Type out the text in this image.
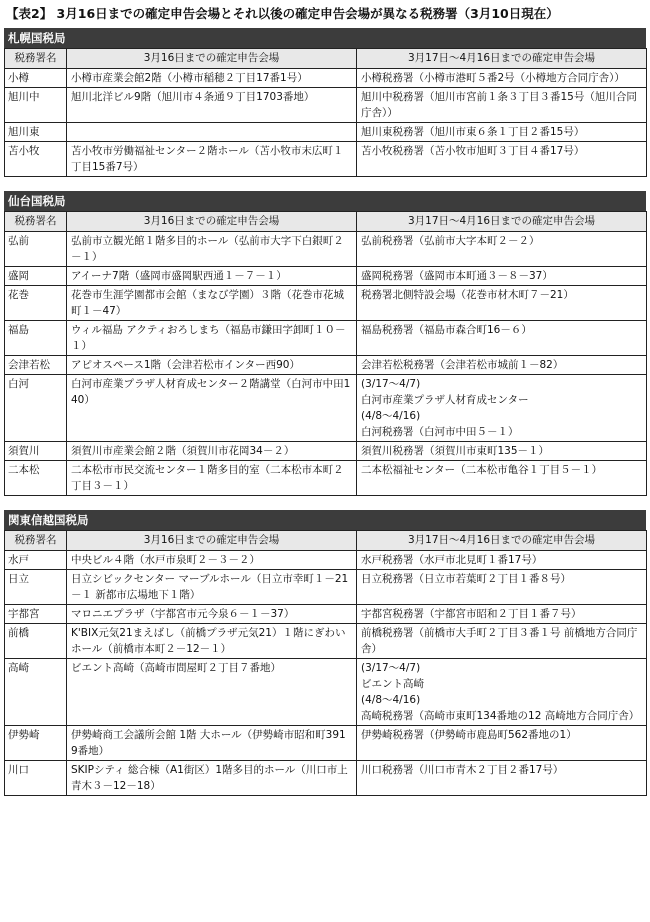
【表2】 3月16日までの確定申告会場とそれ以後の確定申告会場が異なる税務署（3月10日現在）
札幌国税局
税務署名	3月16日までの確定申告会場	3月17日～4月16日までの確定申告会場
小樽	小樽市産業会館2階（小樽市稲穂２丁目17番1号）	小樽税務署（小樽市港町５番2号（小樽地方合同庁舎））

旭川中	旭川北洋ビル9階（旭川市４条通９丁目1703番地）	旭川中税務署（旭川市宮前１条３丁目３番15号（旭川合同庁舎））

旭川東		旭川東税務署（旭川市東６条１丁目２番15号）

苫小牧	苫小牧市労働福祉センター２階ホール（苫小牧市末広町１丁目15番7号）	苫小牧税務署（苫小牧市旭町３丁目４番17号）
仙台国税局
税務署名	3月16日までの確定申告会場	3月17日～4月16日までの確定申告会場
弘前	弘前市立観光館１階多目的ホール（弘前市大字下白銀町２－１）	弘前税務署（弘前市大字本町２－２）

盛岡	アイーナ7階（盛岡市盛岡駅西通１－７－１）	盛岡税務署（盛岡市本町通３－８－37）

花巻	花巻市生涯学園都市会館（まなび学園）３階（花巻市花城町１－47）	税務署北側特設会場（花巻市材木町７－21）

福島	ウィル福島 アクティおろしまち（福島市鎌田字卸町１０－１）	福島税務署（福島市森合町16－６）

会津若松	アピオスペース1階（会津若松市インター西90）	会津若松税務署（会津若松市城前１－82）

白河	白河市産業プラザ人材育成センター２階講堂（白河市中田140）	(3/17～4/7)
白河市産業プラザ人材育成センター
(4/8～4/16)
白河税務署（白河市中田５－１）

須賀川	須賀川市産業会館２階（須賀川市花岡34－２）	須賀川税務署（須賀川市東町135－１）

二本松	二本松市市民交流センター１階多目的室（二本松市本町２丁目３－１）	二本松福祉センター（二本松市亀谷１丁目５－１）
関東信越国税局
税務署名	3月16日までの確定申告会場	3月17日～4月16日までの確定申告会場
水戸	中央ビル４階（水戸市泉町２－３－２）	水戸税務署（水戸市北見町１番17号）

日立	日立シビックセンター マーブルホール（日立市幸町１－21－１ 新都市広場地下１階）	日立税務署（日立市若葉町２丁目１番８号）

宇都宮	マロニエプラザ（宇都宮市元今泉６－１－37）	宇都宮税務署（宇都宮市昭和２丁目１番７号）

前橋	K'BIX元気21まえばし（前橋プラザ元気21）１階にぎわいホール（前橋市本町２－12－１）	前橋税務署（前橋市大手町２丁目３番１号 前橋地方合同庁舎）

高崎	ビエント高崎（高崎市問屋町２丁目７番地）	(3/17～4/7)
ビエント高崎
(4/8～4/16)
高崎税務署（高崎市東町134番地の12 高崎地方合同庁舎）

伊勢崎	伊勢崎商工会議所会館 1階 大ホール（伊勢崎市昭和町3919番地）	伊勢崎税務署（伊勢崎市鹿島町562番地の1）

川口	SKIPシティ 総合棟（A1街区）1階多目的ホール（川口市上青木３－12－18）	川口税務署（川口市青木２丁目２番17号）
